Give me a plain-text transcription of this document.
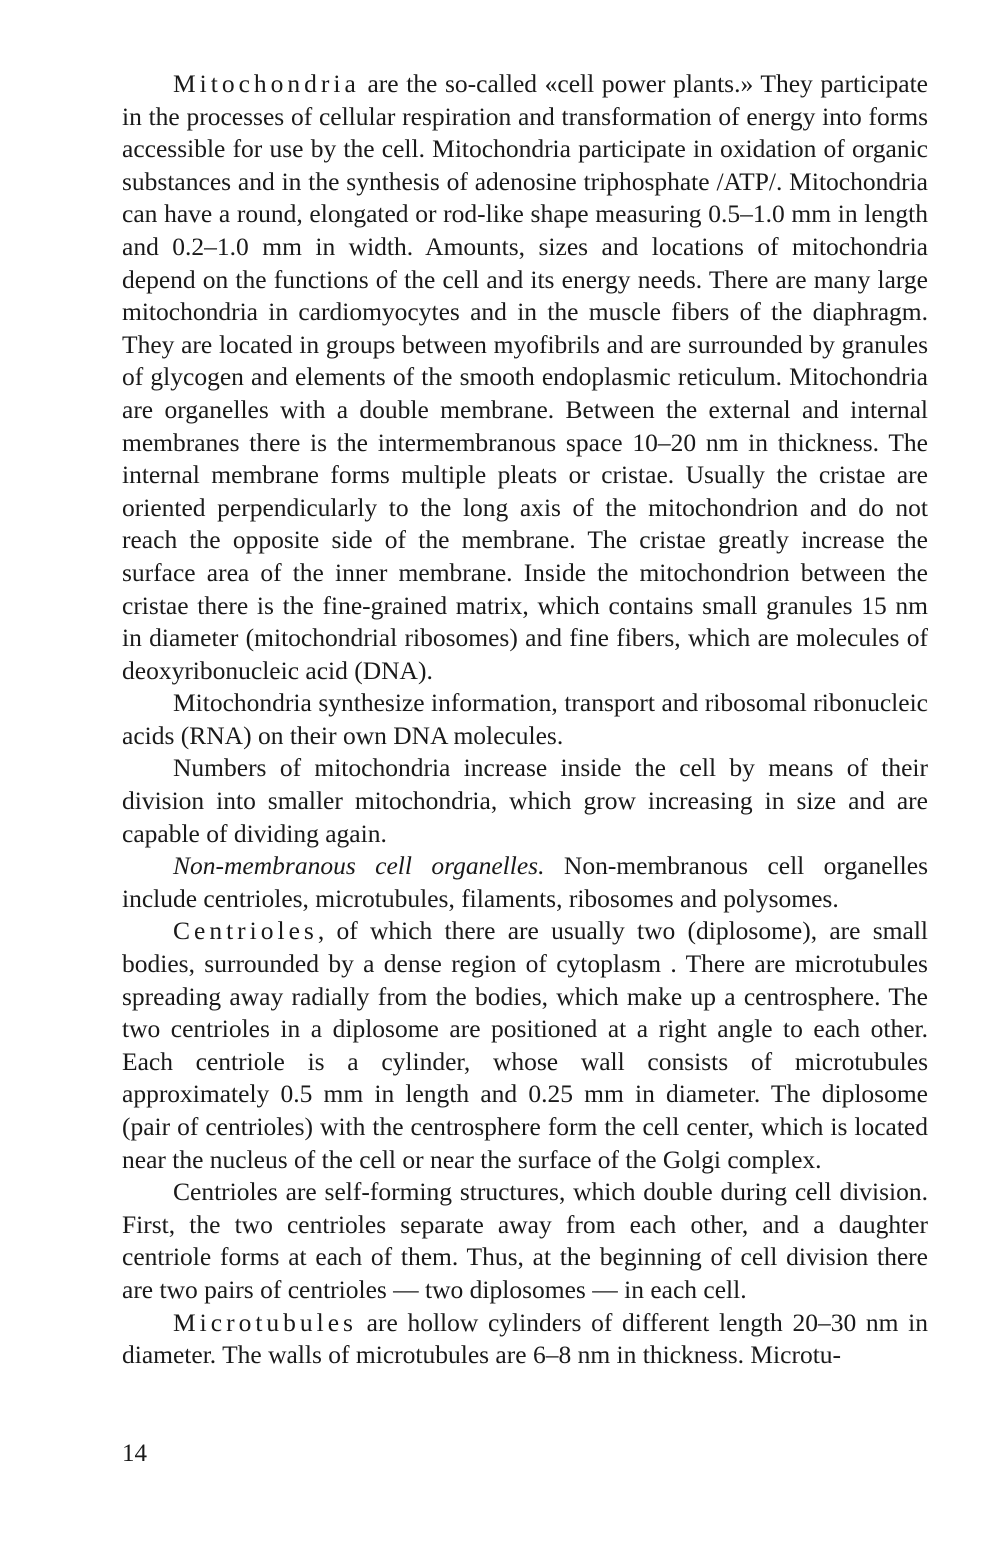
Mitochondria are the so-called «cell power plants.» They participate in the processes of cellular respiration and transformation of energy into forms accessible for use by the cell. Mitochondria participate in oxidation of organic substances and in the synthesis of adenosine triphosphate /ATP/. Mitochondria can have a round, elongated or rod-like shape measuring 0.5–1.0 mm in length and 0.2–1.0 mm in width. Amounts, sizes and locations of mitochondria depend on the functions of the cell and its energy needs. There are many large mitochondria in cardiomyocytes and in the muscle fibers of the diaphragm. They are located in groups between myofibrils and are surrounded by granules of glycogen and elements of the smooth endoplasmic reticulum. Mitochondria are organelles with a double membrane. Between the external and internal membranes there is the intermembranous space 10–20 nm in thickness. The internal membrane forms multiple pleats or cristae. Usually the cristae are oriented perpendicularly to the long axis of the mitochondrion and do not reach the opposite side of the membrane. The cristae greatly increase the surface area of the inner membrane. Inside the mitochondrion between the cristae there is the fine-grained matrix, which contains small granules 15 nm in diameter (mitochondrial ribosomes) and fine fibers, which are molecules of deoxyribonucleic acid (DNA).

Mitochondria synthesize information, transport and ribosomal ribonucleic acids (RNA) on their own DNA molecules.

Numbers of mitochondria increase inside the cell by means of their division into smaller mitochondria, which grow increasing in size and are capable of dividing again.

Non-membranous cell organelles. Non-membranous cell organelles include centrioles, microtubules, filaments, ribosomes and polysomes.

Centrioles, of which there are usually two (diplosome), are small bodies, surrounded by a dense region of cytoplasm . There are microtubules spreading away radially from the bodies, which make up a centrosphere. The two centrioles in a diplosome are positioned at a right angle to each other. Each centriole is a cylinder, whose wall consists of microtubules approximately 0.5 mm in length and 0.25 mm in diameter. The diplosome (pair of centrioles) with the centrosphere form the cell center, which is located near the nucleus of the cell or near the surface of the Golgi complex.

Centrioles are self-forming structures, which double during cell division. First, the two centrioles separate away from each other, and a daughter centriole forms at each of them. Thus, at the beginning of cell division there are two pairs of centrioles — two diplosomes — in each cell.

Microtubules are hollow cylinders of different length 20–30 nm in diameter. The walls of microtubules are 6–8 nm in thickness. Microtu-

14
